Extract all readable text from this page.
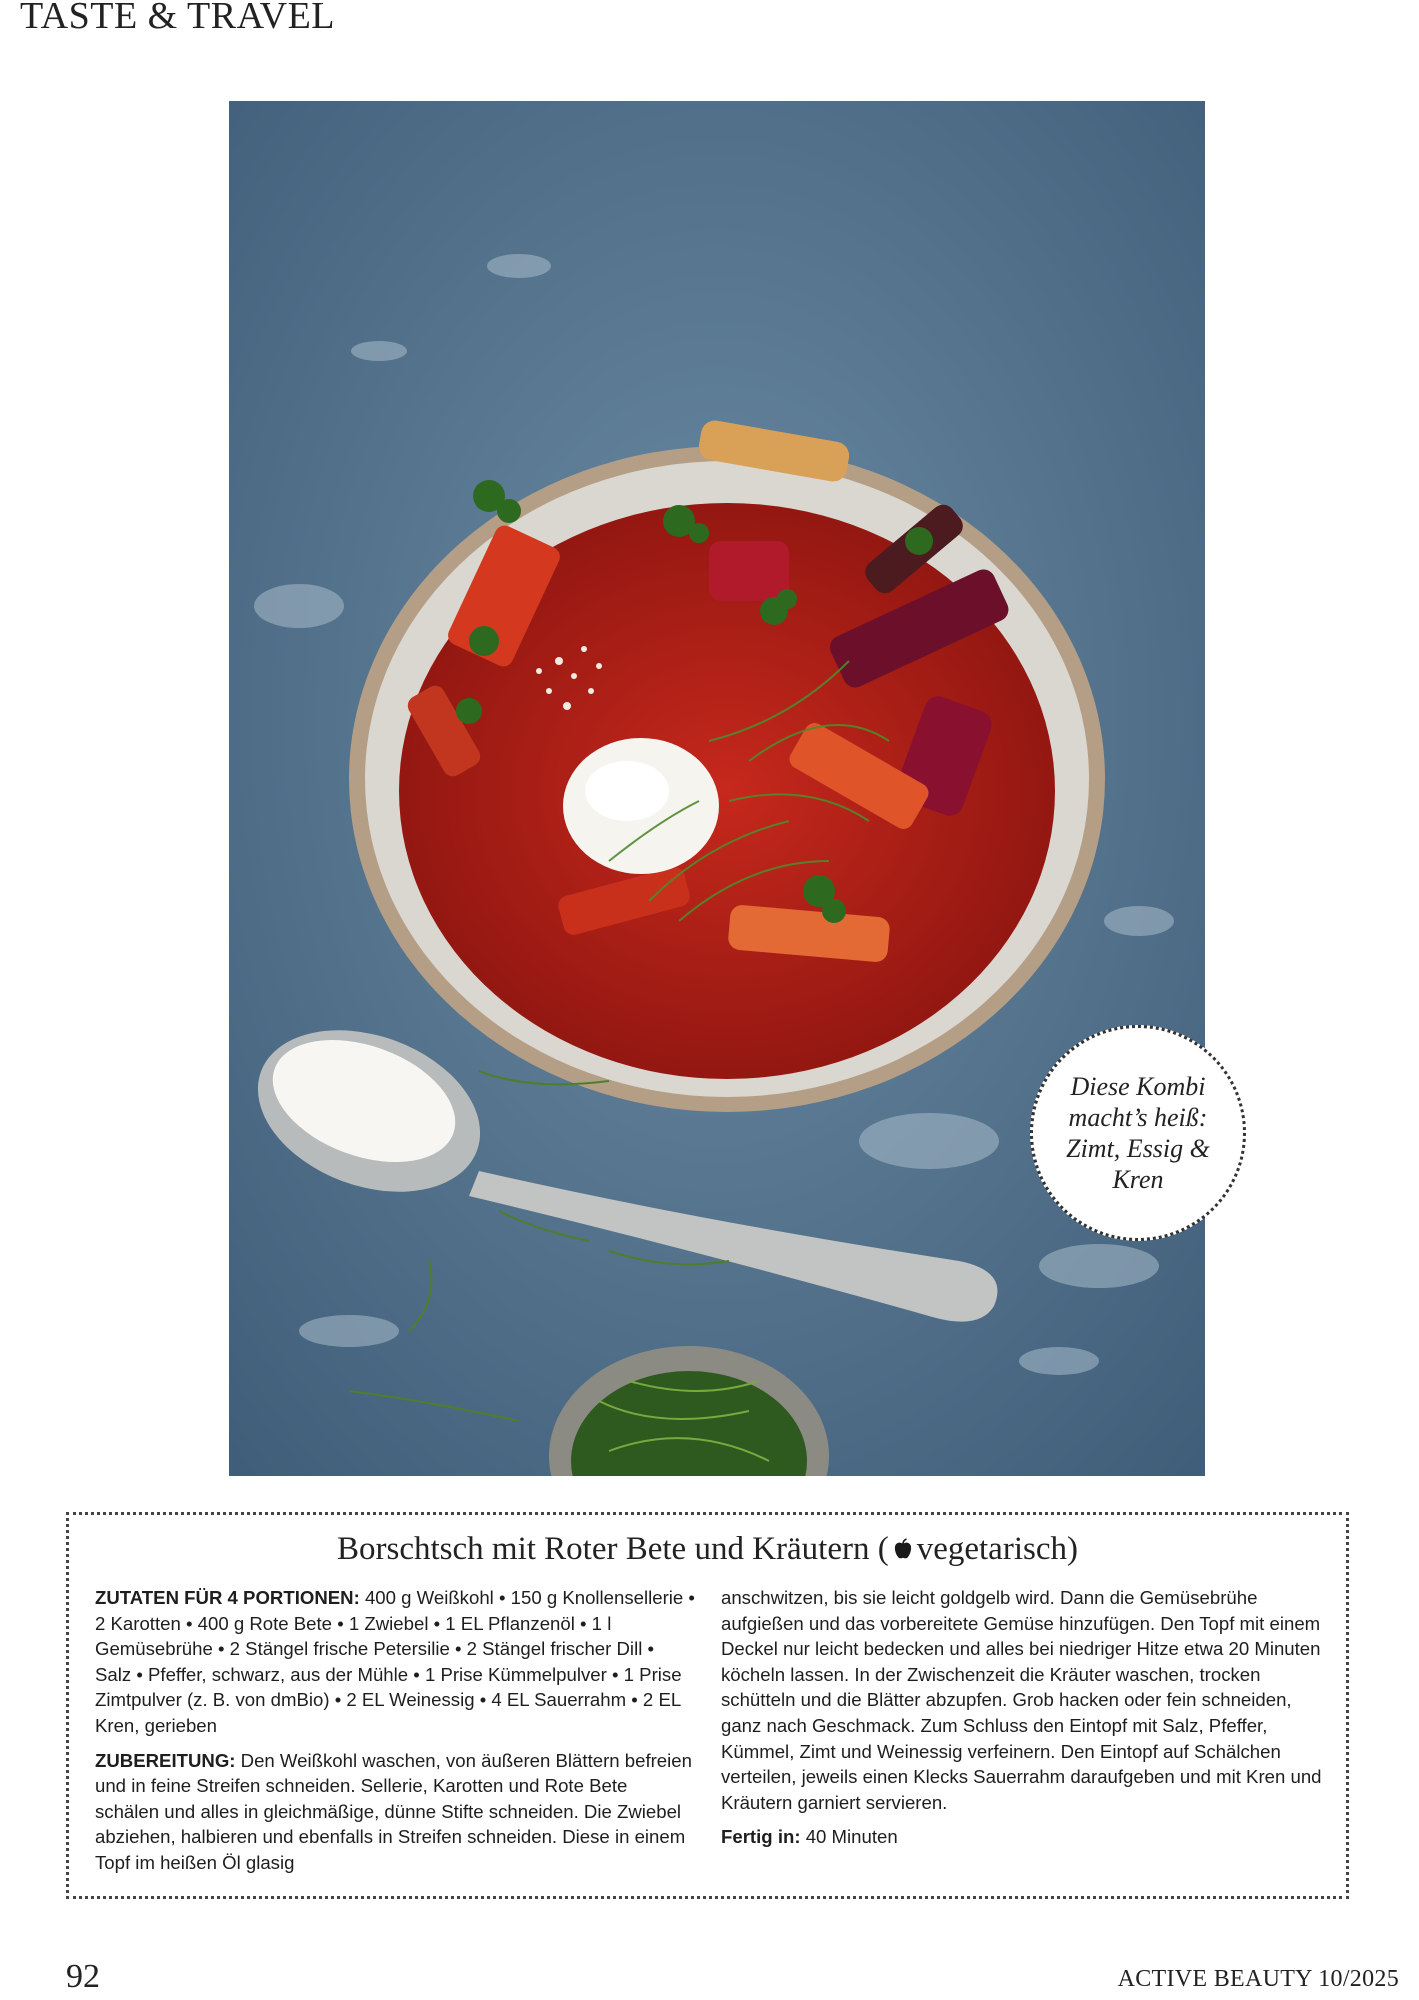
TASTE & TRAVEL
Diese Kombi macht’s heiß: Zimt, Essig & Kren
Borschtsch mit Roter Bete und Kräutern ( vegetarisch)

ZUTATEN FÜR 4 PORTIONEN: 400 g Weißkohl • 150 g Knollensellerie • 2 Karotten • 400 g Rote Bete • 1 Zwiebel • 1 EL Pflanzenöl • 1 l Gemüsebrühe • 2 Stängel frische Petersilie • 2 Stängel frischer Dill • Salz • Pfeffer, schwarz, aus der Mühle • 1 Prise Kümmelpulver • 1 Prise Zimtpulver (z. B. von dmBio) • 2 EL Weinessig • 4 EL Sauerrahm • 2 EL Kren, gerieben

ZUBEREITUNG: Den Weißkohl waschen, von äußeren Blättern befreien und in feine Streifen schneiden. Sellerie, Karotten und Rote Bete schälen und alles in gleichmäßige, dünne Stifte schneiden. Die Zwiebel abziehen, halbieren und ebenfalls in Streifen schneiden. Diese in einem Topf im heißen Öl glasig

anschwitzen, bis sie leicht goldgelb wird. Dann die Gemüsebrühe aufgießen und das vorbereitete Gemüse hinzufügen. Den Topf mit einem Deckel nur leicht bedecken und alles bei niedriger Hitze etwa 20 Minuten köcheln lassen. In der Zwischenzeit die Kräuter waschen, trocken schütteln und die Blätter abzupfen. Grob hacken oder fein schneiden, ganz nach Geschmack. Zum Schluss den Eintopf mit Salz, Pfeffer, Kümmel, Zimt und Weinessig verfeinern. Den Eintopf auf Schälchen verteilen, jeweils einen Klecks Sauerrahm daraufgeben und mit Kren und Kräutern garniert servieren.

Fertig in: 40 Minuten

92	ACTIVE BEAUTY 10/2025
